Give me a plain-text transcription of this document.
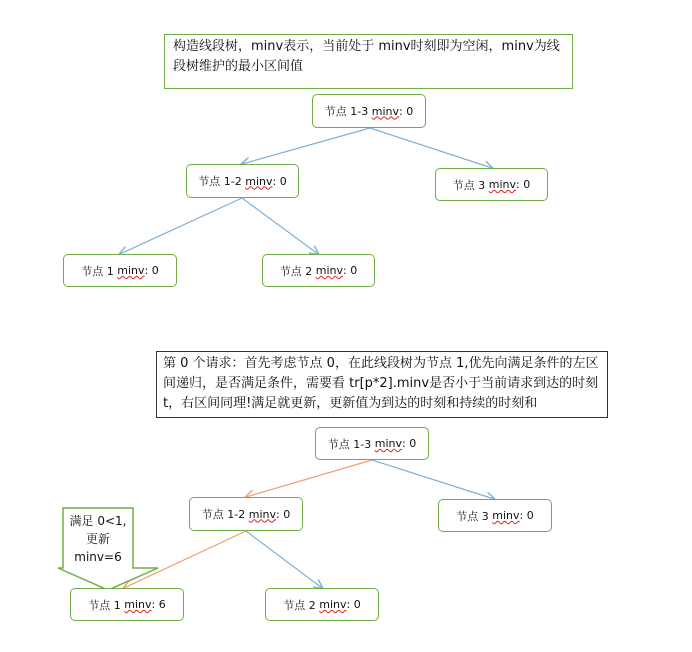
构造线段树，minv表示，当前处于 minv时刻即为空闲，minv为线段树维护的最小区间值
节点 1-3
minv : 0
节点 1-2
minv : 0	节点 3
minv : 0
节点 1
minv : 0	节点 2
minv : 0
第 0 个请求：首先考虑节点 0，在此线段树为节点 1,优先向满足条件的左区间递归，是否满足条件，需要看 tr[p*2].minv是否小于当前请求到达的时刻 t，右区间同理!满足就更新，更新值为到达的时刻和持续的时刻和
满足 0<1,更新 minv=6
节点 1-3
minv : 0
节点 1-2
minv : 0	节点 3
minv : 0
节点 1
minv : 6	节点 2
minv : 0
